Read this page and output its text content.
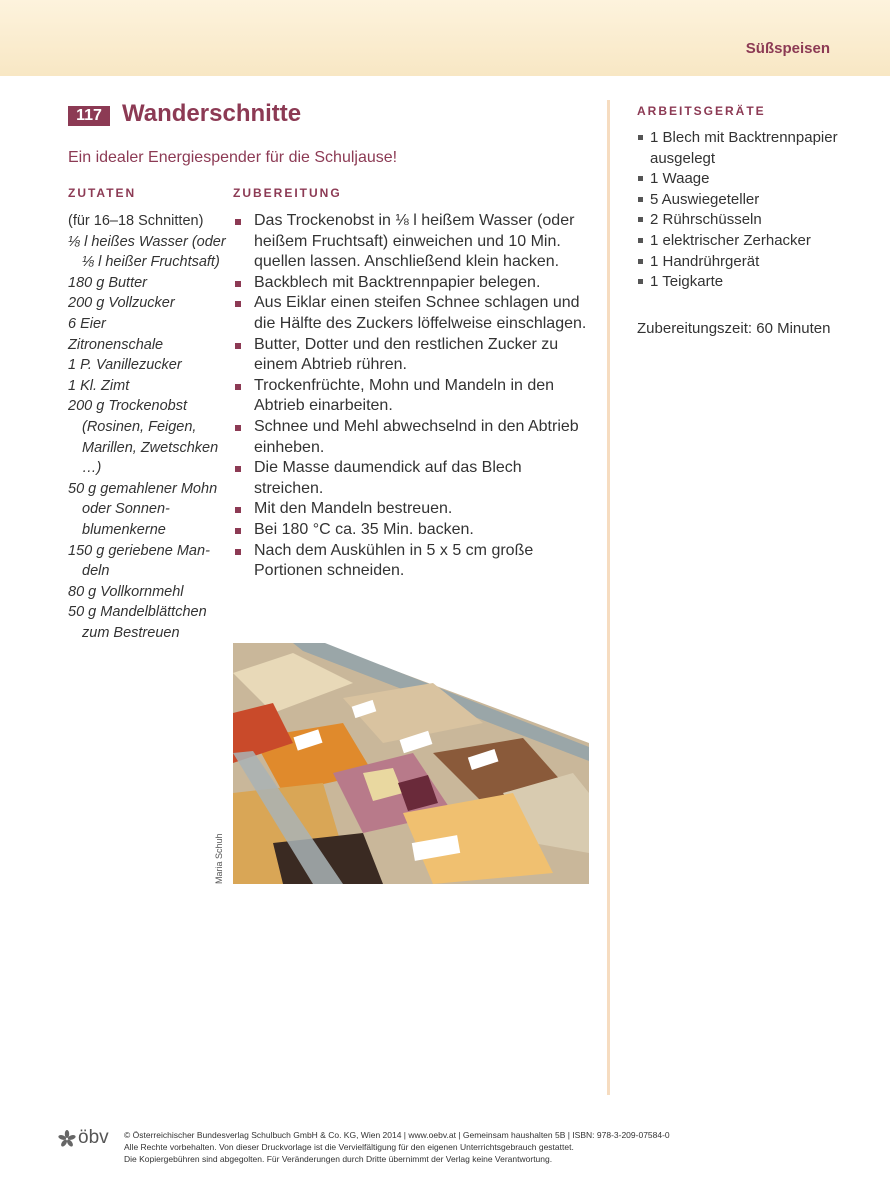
Süßspeisen
117 Wanderschnitte
Ein idealer Energiespender für die Schuljause!
ZUTATEN
(für 16–18 Schnitten)
⅛ l heißes Wasser (oder ⅛ l heißer Fruchtsaft)
180 g Butter
200 g Vollzucker
6 Eier
Zitronenschale
1 P. Vanillezucker
1 Kl. Zimt
200 g Trockenobst (Rosinen, Feigen, Marillen, Zwetschken …)
50 g gemahlener Mohn oder Sonnenblumenkerne
150 g geriebene Mandeln
80 g Vollkornmehl
50 g Mandelblättchen zum Bestreuen
ZUBEREITUNG
Das Trockenobst in ⅛ l heißem Wasser (oder heißem Fruchtsaft) einweichen und 10 Min. quellen lassen. Anschließend klein hacken.
Backblech mit Backtrennpapier belegen.
Aus Eiklar einen steifen Schnee schlagen und die Hälfte des Zuckers löffelweise einschlagen.
Butter, Dotter und den restlichen Zucker zu einem Abtrieb rühren.
Trockenfrüchte, Mohn und Mandeln in den Abtrieb einarbeiten.
Schnee und Mehl abwechselnd in den Abtrieb einheben.
Die Masse daumendick auf das Blech streichen.
Mit den Mandeln bestreuen.
Bei 180 °C ca. 35 Min. backen.
Nach dem Auskühlen in 5 x 5 cm große Portionen schneiden.
ARBEITSGERÄTE
1 Blech mit Backtrennpapier ausgelegt
1 Waage
5 Auswiegeteller
2 Rührschüsseln
1 elektrischer Zerhacker
1 Handrührgerät
1 Teigkarte
Zubereitungszeit: 60 Minuten
Maria Schuh
öbv © Österreichischer Bundesverlag Schulbuch GmbH & Co. KG, Wien 2014 | www.oebv.at | Gemeinsam haushalten 5B | ISBN: 978-3-209-07584-0
Alle Rechte vorbehalten. Von dieser Druckvorlage ist die Vervielfältigung für den eigenen Unterrichtsgebrauch gestattet.
Die Kopiergebühren sind abgegolten. Für Veränderungen durch Dritte übernimmt der Verlag keine Verantwortung.
